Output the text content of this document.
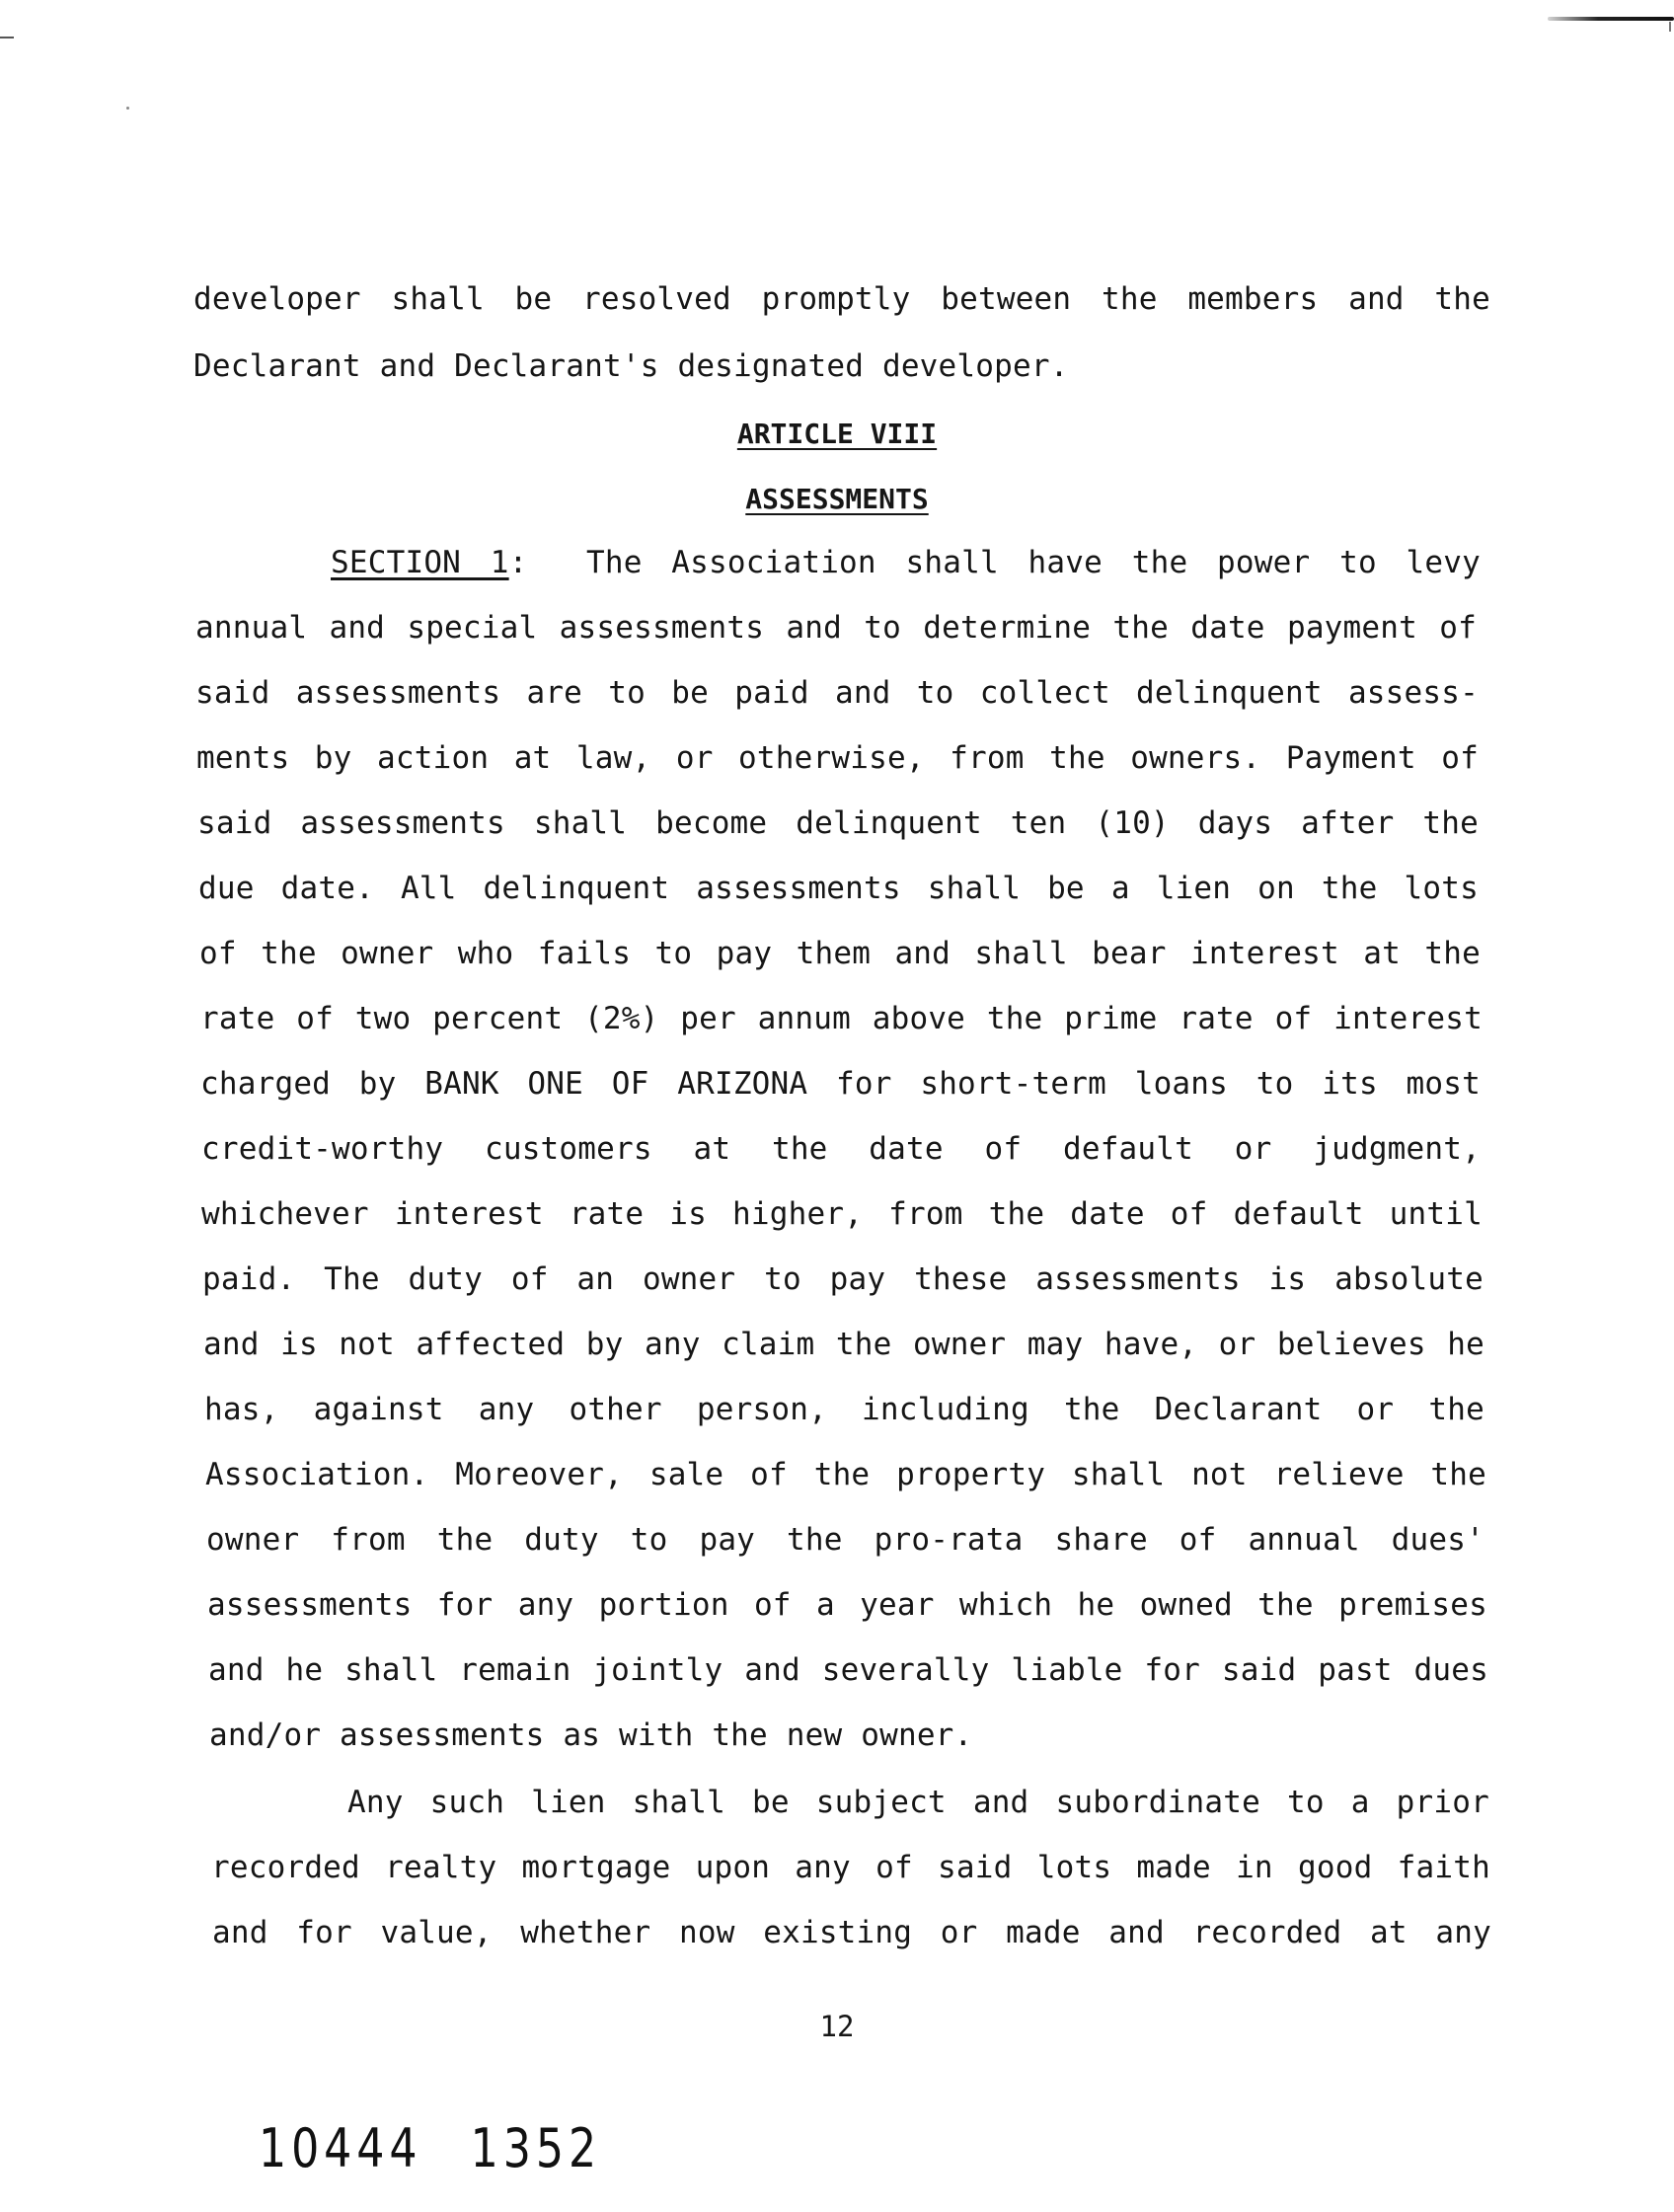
developer shall be resolved promptly between the members and the
Declarant and Declarant's designated developer.
ARTICLE VIII
ASSESSMENTS
SECTION 1: The Association shall have the power to levy
annual and special assessments and to determine the date payment of
said assessments are to be paid and to collect delinquent assess-
ments by action at law, or otherwise, from the owners. Payment of
said assessments shall become delinquent ten (10) days after the
due date. All delinquent assessments shall be a lien on the lots
of the owner who fails to pay them and shall bear interest at the
rate of two percent (2%) per annum above the prime rate of interest
charged by BANK ONE OF ARIZONA for short-term loans to its most
credit-worthy customers at the date of default or judgment,
whichever interest rate is higher, from the date of default until
paid. The duty of an owner to pay these assessments is absolute
and is not affected by any claim the owner may have, or believes he
has, against any other person, including the Declarant or the
Association. Moreover, sale of the property shall not relieve the
owner from the duty to pay the pro-rata share of annual dues'
assessments for any portion of a year which he owned the premises
and he shall remain jointly and severally liable for said past dues
and/or assessments as with the new owner.
Any such lien shall be subject and subordinate to a prior
recorded realty mortgage upon any of said lots made in good faith
and for value, whether now existing or made and recorded at any
12
10444 1352
